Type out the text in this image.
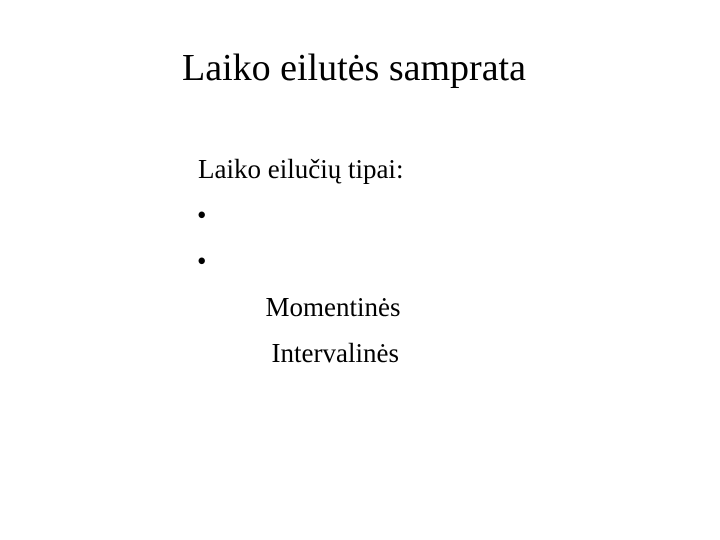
Laiko eilutės samprata
Laiko eilučių tipai:

•

Momentinės

•

Intervalinės
